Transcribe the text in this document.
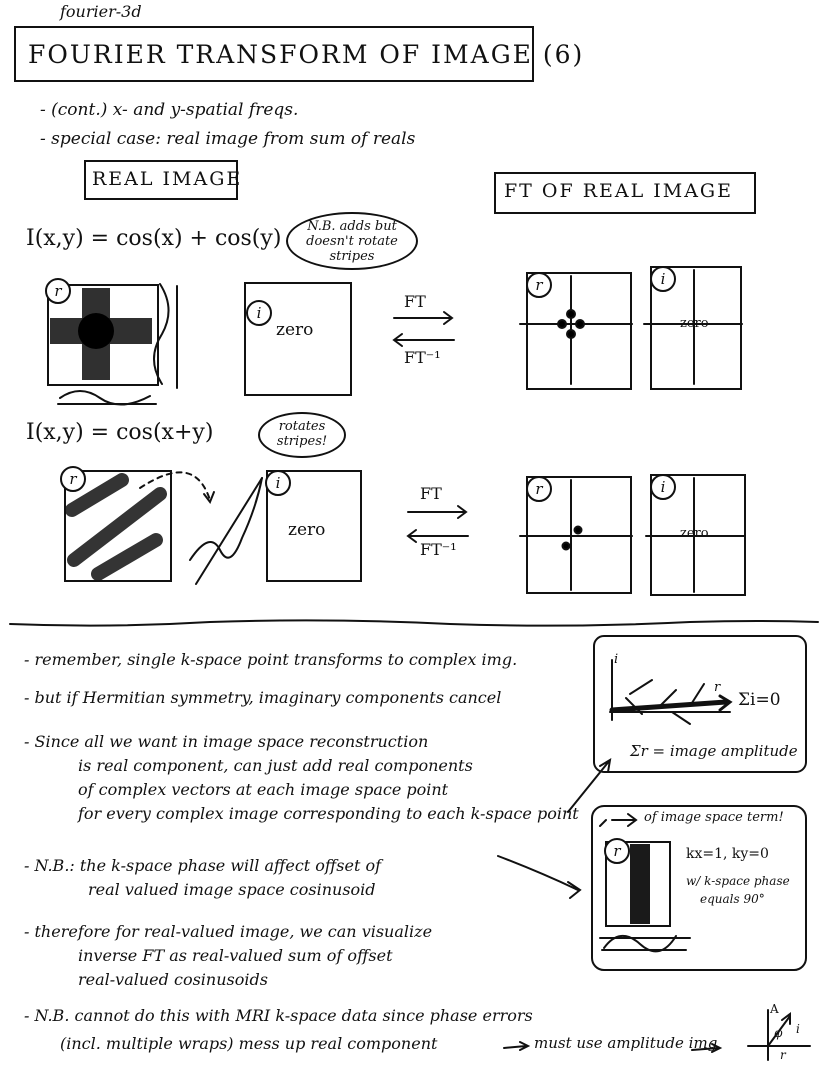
fourier-3d
FOURIER TRANSFORM OF IMAGE (6)
- (cont.) x- and y-spatial freqs.
- special case: real image from sum of reals
REAL IMAGE
FT OF REAL IMAGE
I(x,y) = cos(x) + cos(y)	N.B. adds but doesn't rotate stripes
r
i
zero
FT
FT⁻¹
r	i
zero
I(x,y) = cos(x+y)	rotates stripes!
r	i
zero
FT
FT⁻¹
r	i
zero
- remember, single k-space point transforms to complex img.
- but if Hermitian symmetry, imaginary components cancel
- Since all we want in image space reconstruction
is real component, can just add real components
of complex vectors at each image space point
for every complex image corresponding to each k-space point
- N.B.: the k-space phase will affect offset of
real valued image space cosinusoid
- therefore for real-valued image, we can visualize
inverse FT as real-valued sum of offset
real-valued cosinusoids
- N.B. cannot do this with MRI k-space data since phase errors
(incl. multiple wraps) mess up real component	must use amplitude img
i
r
Σi=0
Σr = image amplitude
of image space term!
r	kx=1, ky=0
w/ k-space phase
equals 90°
A
φ i
r
